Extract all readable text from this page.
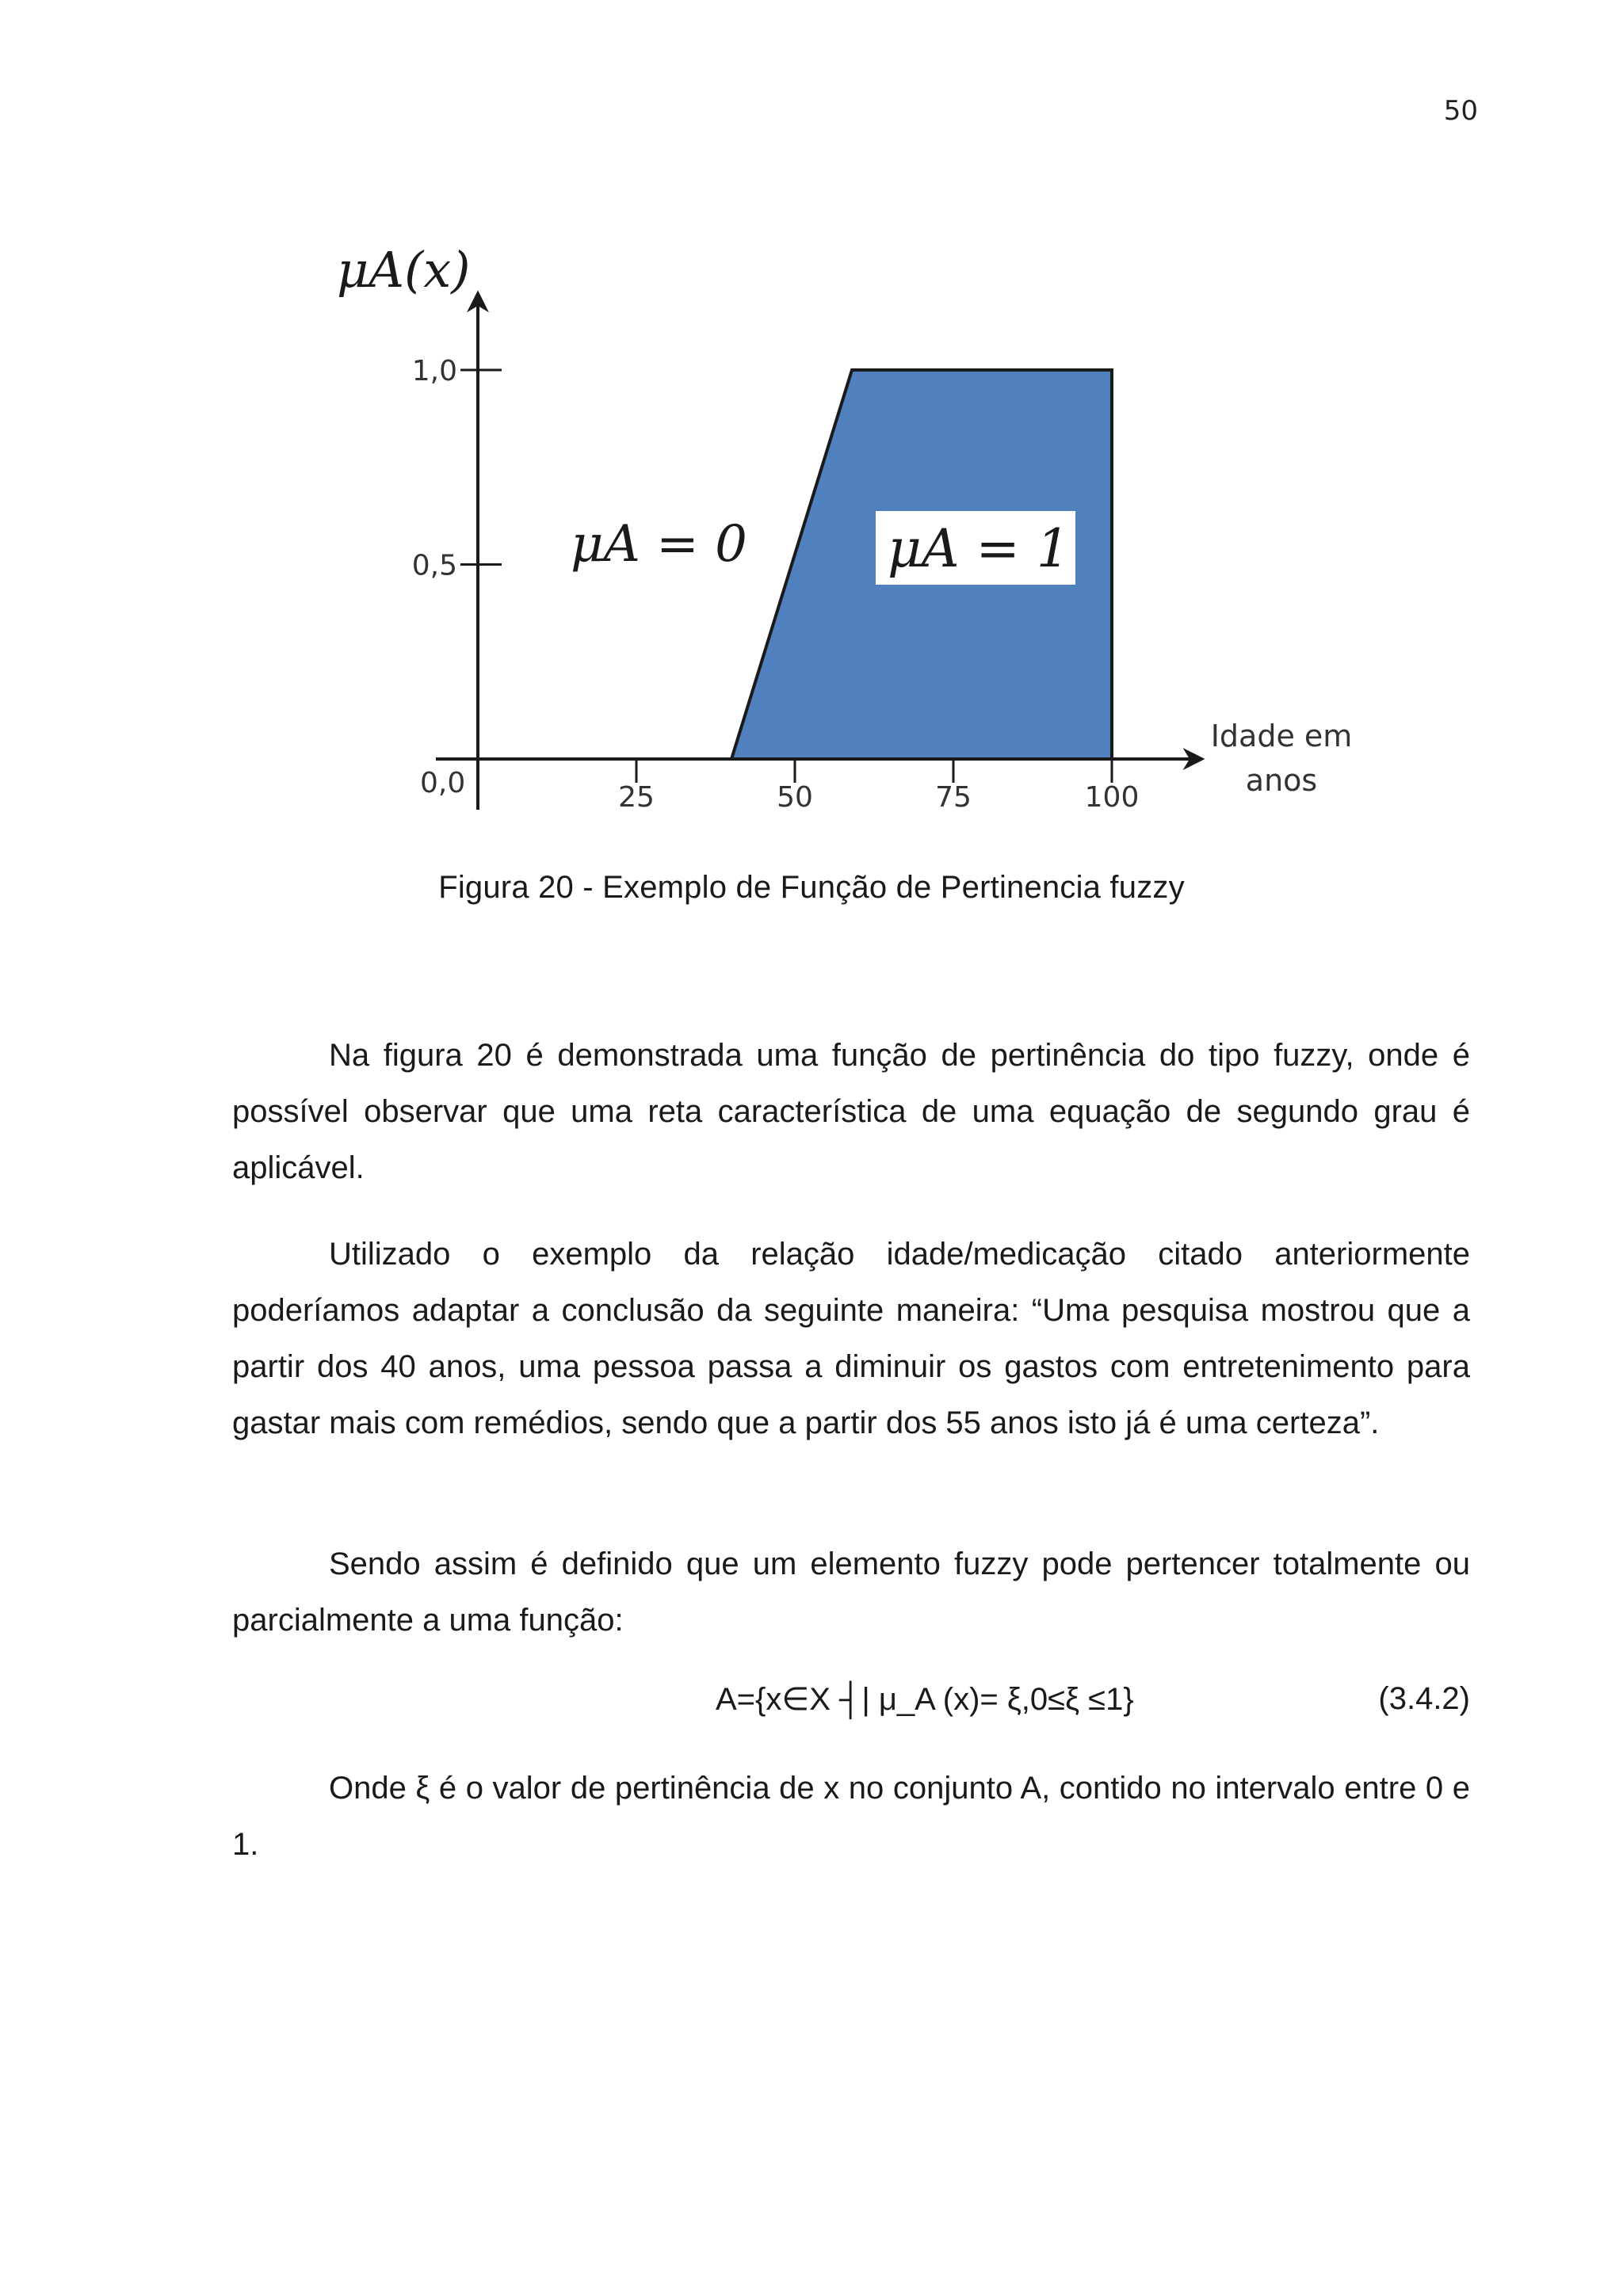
50
25	50	75	100
1,0
0,5
μA(x)
0,0
Idade em
anos
μA = 0	μA = 1
Figura 20 - Exemplo de Função de Pertinencia fuzzy

Na figura 20 é demonstrada uma função de pertinência do tipo fuzzy, onde é possível observar que uma reta característica de uma equação de segundo grau é aplicável.

Utilizado o exemplo da relação idade/medicação citado anteriormente poderíamos adaptar a conclusão da seguinte maneira: “Uma pesquisa mostrou que a partir dos 40 anos, uma pessoa passa a diminuir os gastos com entretenimento para gastar mais com remédios, sendo que a partir dos 55 anos isto já é uma certeza”.

Sendo assim é definido que um elemento fuzzy pode pertencer totalmente ou parcialmente a uma função:

A={x∈X ┤| μ_A (x)= ξ,0≤ξ ≤1}	(3.4.2)

Onde ξ é o valor de pertinência de x no conjunto A, contido no intervalo entre 0 e 1.
